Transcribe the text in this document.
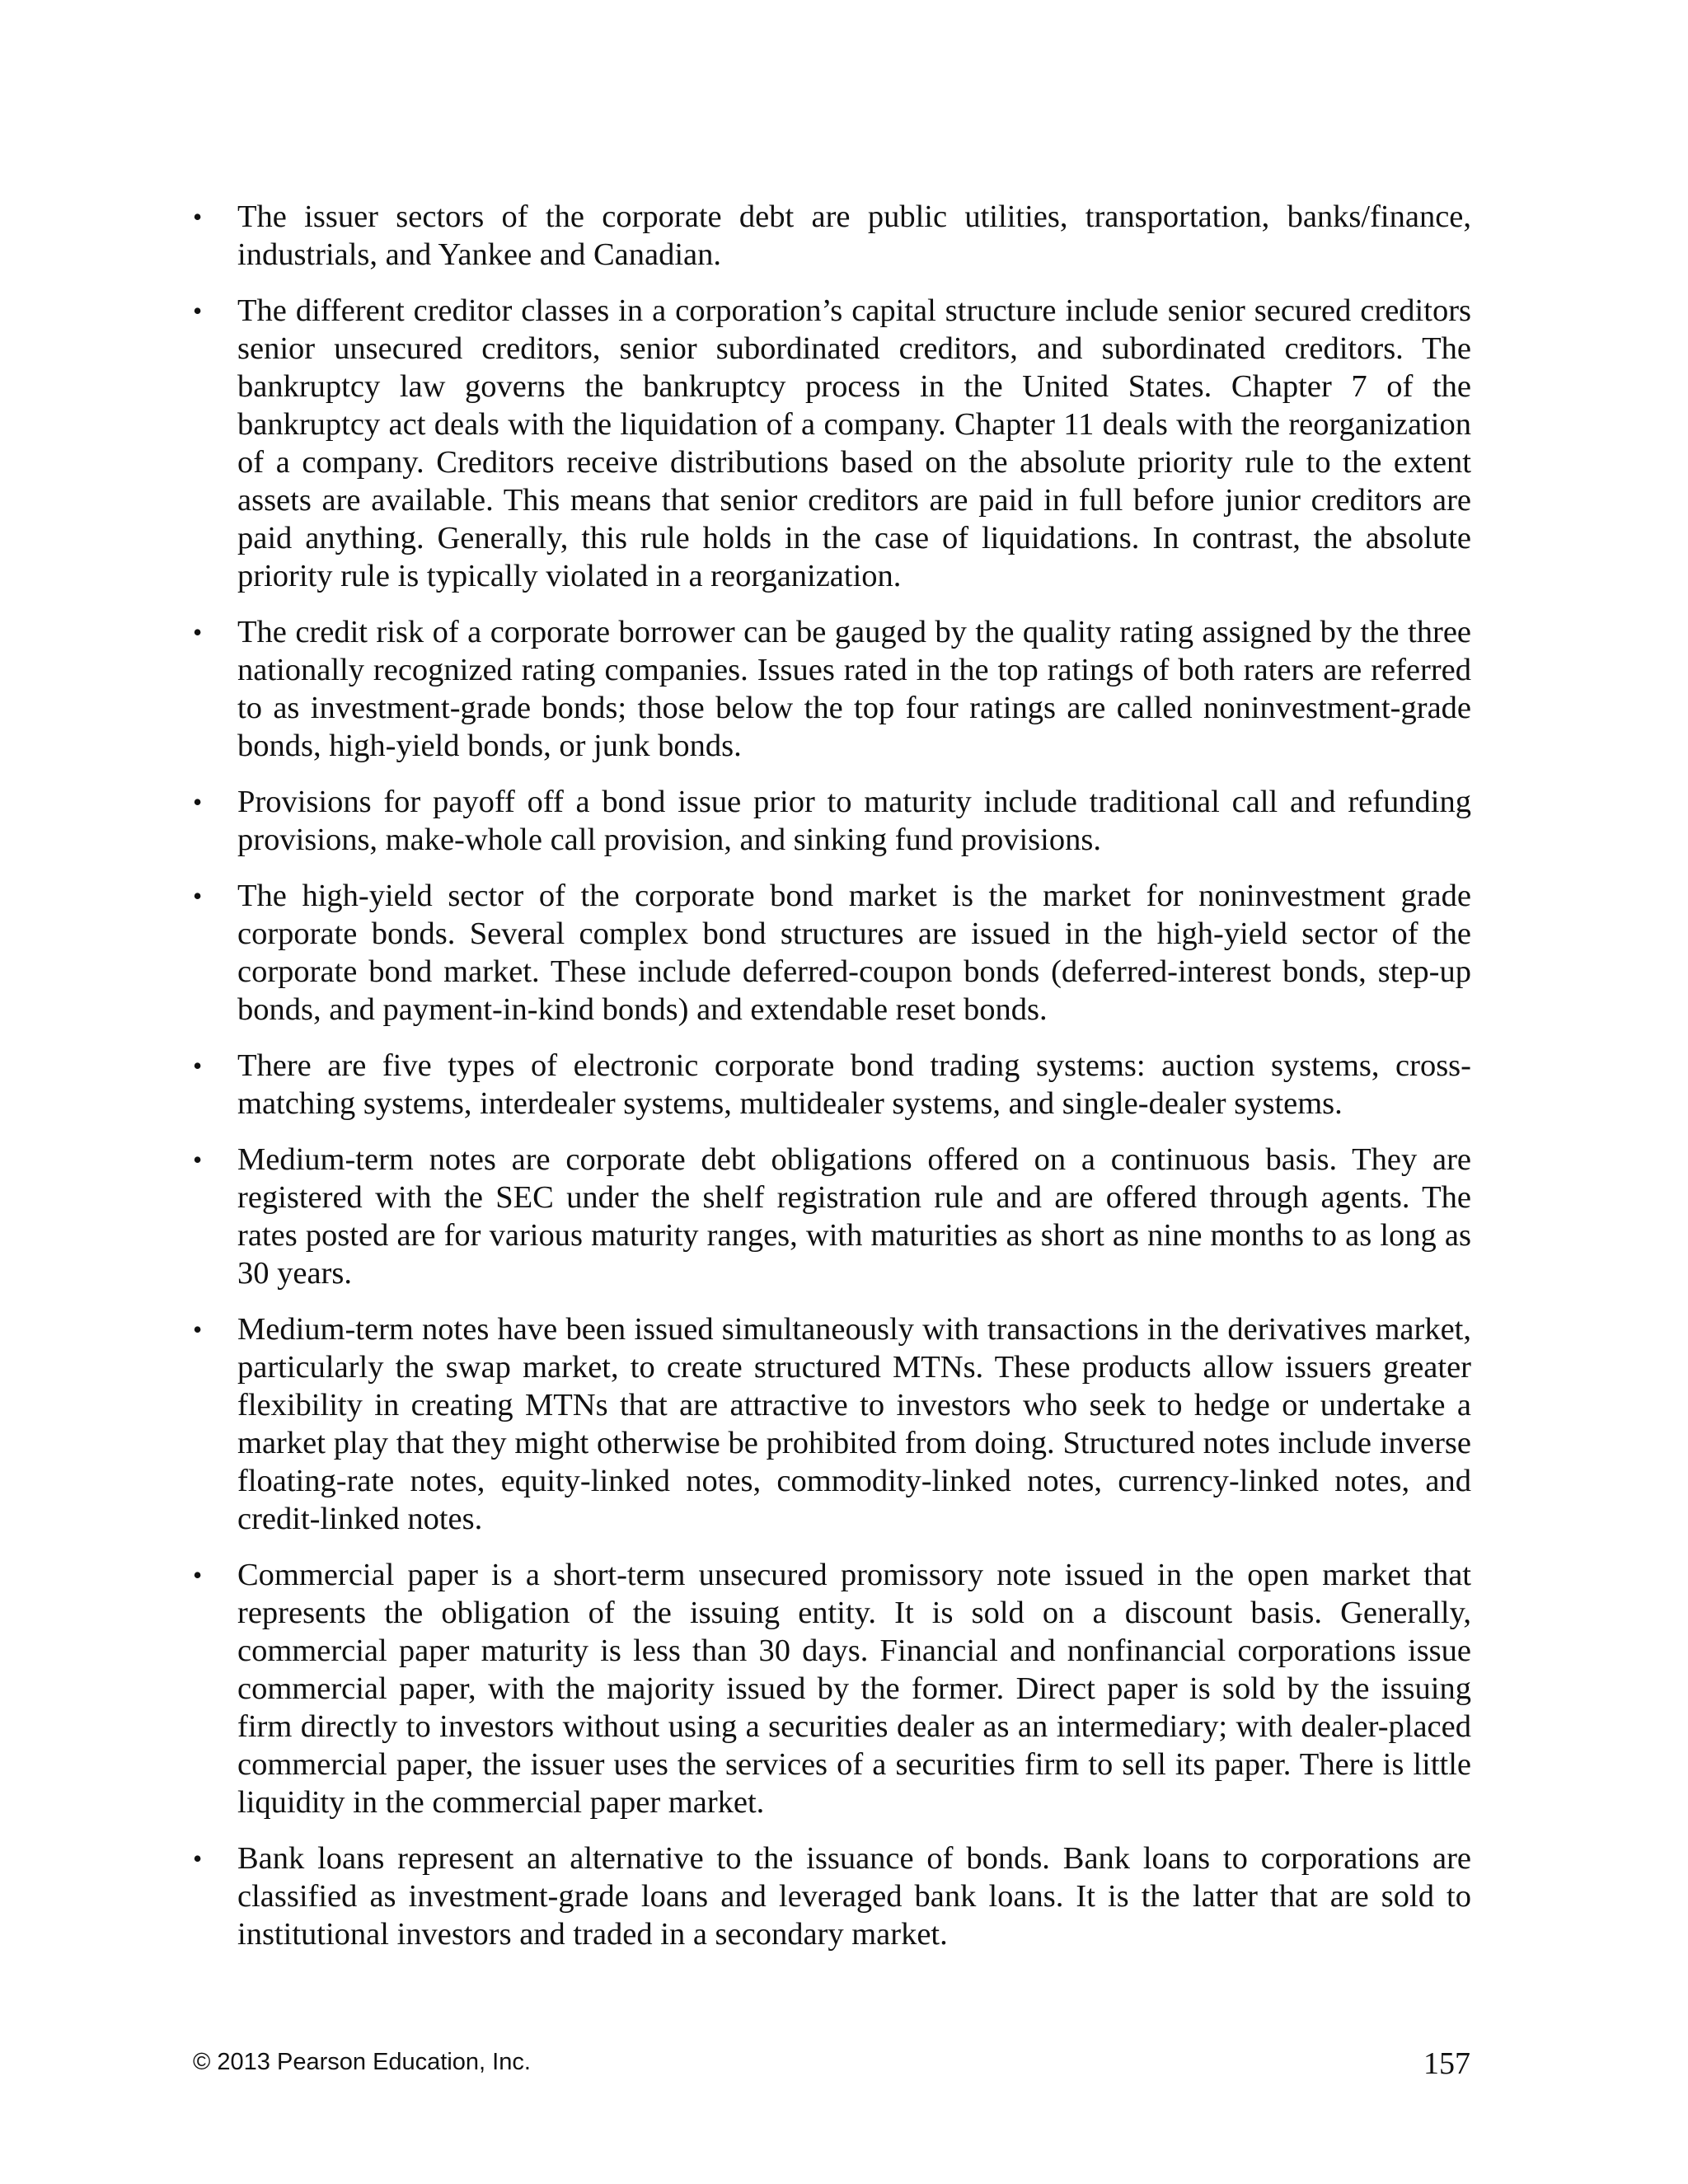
• The issuer sectors of the corporate debt are public utilities, transportation, banks/finance, industrials, and Yankee and Canadian.
• The different creditor classes in a corporation’s capital structure include senior secured creditors senior unsecured creditors, senior subordinated creditors, and subordinated creditors. The bankruptcy law governs the bankruptcy process in the United States. Chapter 7 of the bankruptcy act deals with the liquidation of a company. Chapter 11 deals with the reorganization of a company. Creditors receive distributions based on the absolute priority rule to the extent assets are available. This means that senior creditors are paid in full before junior creditors are paid anything. Generally, this rule holds in the case of liquidations. In contrast, the absolute priority rule is typically violated in a reorganization.
• The credit risk of a corporate borrower can be gauged by the quality rating assigned by the three nationally recognized rating companies. Issues rated in the top ratings of both raters are referred to as investment-grade bonds; those below the top four ratings are called noninvestment-grade bonds, high-yield bonds, or junk bonds.
• Provisions for payoff off a bond issue prior to maturity include traditional call and refunding provisions, make-whole call provision, and sinking fund provisions.
• The high-yield sector of the corporate bond market is the market for noninvestment grade corporate bonds. Several complex bond structures are issued in the high-yield sector of the corporate bond market. These include deferred-coupon bonds (deferred-interest bonds, step-up bonds, and payment-in-kind bonds) and extendable reset bonds.
• There are five types of electronic corporate bond trading systems: auction systems, cross-matching systems, interdealer systems, multidealer systems, and single-dealer systems.
• Medium-term notes are corporate debt obligations offered on a continuous basis. They are registered with the SEC under the shelf registration rule and are offered through agents. The rates posted are for various maturity ranges, with maturities as short as nine months to as long as 30 years.
• Medium-term notes have been issued simultaneously with transactions in the derivatives market, particularly the swap market, to create structured MTNs. These products allow issuers greater flexibility in creating MTNs that are attractive to investors who seek to hedge or undertake a market play that they might otherwise be prohibited from doing. Structured notes include inverse floating-rate notes, equity-linked notes, commodity-linked notes, currency-linked notes, and credit-linked notes.
• Commercial paper is a short-term unsecured promissory note issued in the open market that represents the obligation of the issuing entity. It is sold on a discount basis. Generally, commercial paper maturity is less than 30 days. Financial and nonfinancial corporations issue commercial paper, with the majority issued by the former. Direct paper is sold by the issuing firm directly to investors without using a securities dealer as an intermediary; with dealer-placed commercial paper, the issuer uses the services of a securities firm to sell its paper. There is little liquidity in the commercial paper market.
• Bank loans represent an alternative to the issuance of bonds. Bank loans to corporations are classified as investment-grade loans and leveraged bank loans. It is the latter that are sold to institutional investors and traded in a secondary market.
© 2013 Pearson Education, Inc.	157
